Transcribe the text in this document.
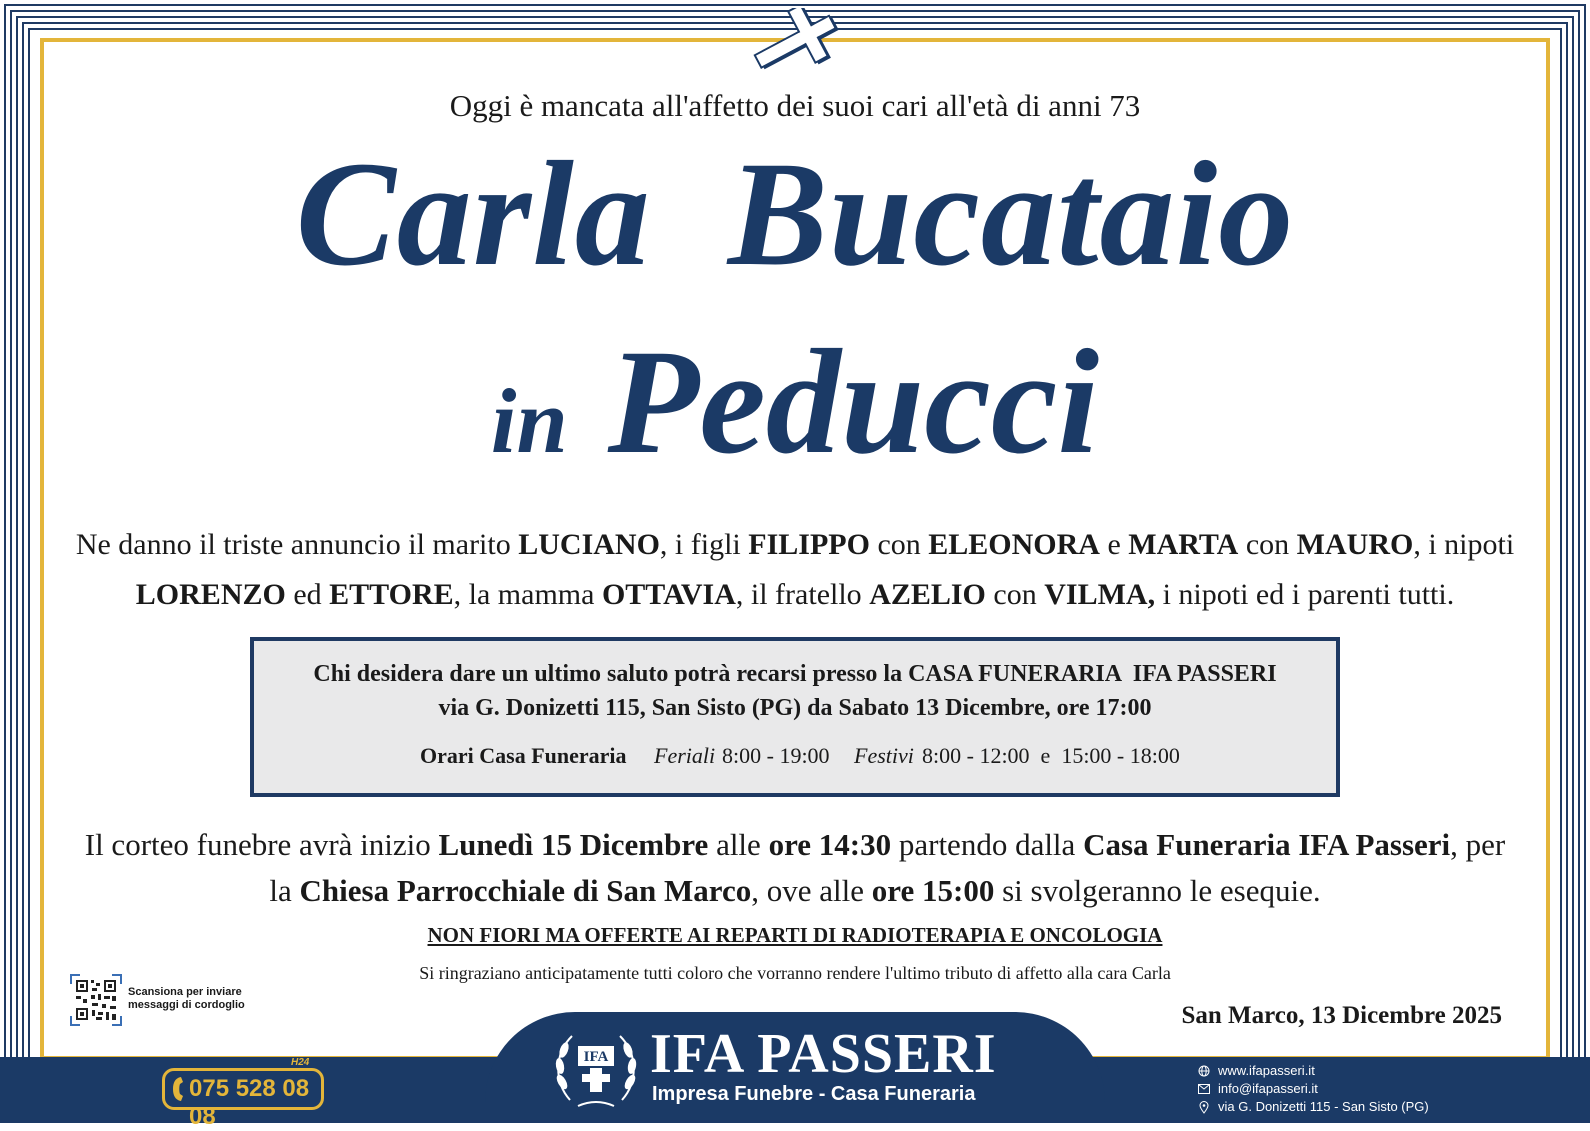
Oggi è mancata all'affetto dei suoi cari all'età di anni 73
Carla  Bucataio
in Peducci
Ne danno il triste annuncio il marito LUCIANO, i figli FILIPPO con ELEONORA e MARTA con MAURO, i nipoti
LORENZO ed ETTORE, la mamma OTTAVIA, il fratello AZELIO con VILMA, i nipoti ed i parenti tutti.
Chi desidera dare un ultimo saluto potrà recarsi presso la CASA FUNERARIA  IFA PASSERI
via G. Donizetti 115, San Sisto (PG) da Sabato 13 Dicembre, ore 17:00
Orari Casa Funeraria Feriali 8:00 - 19:00 Festivi 8:00 - 12:00  e  15:00 - 18:00
Il corteo funebre avrà inizio Lunedì 15 Dicembre alle ore 14:30 partendo dalla Casa Funeraria IFA Passeri, per
la Chiesa Parrocchiale di San Marco, ove alle ore 15:00 si svolgeranno le esequie.
NON FIORI MA OFFERTE AI REPARTI DI RADIOTERAPIA E ONCOLOGIA
Si ringraziano anticipatamente tutti coloro che vorranno rendere l'ultimo tributo di affetto alla cara Carla
Scansiona per inviare
messaggi di cordoglio	San Marco, 13 Dicembre 2025
IFA IFA PASSERI
Impresa Funebre - Casa Funeraria
075 528 08 08
H24
www.ifapasseri.it
info@ifapasseri.it
via G. Donizetti 115 - San Sisto (PG)
